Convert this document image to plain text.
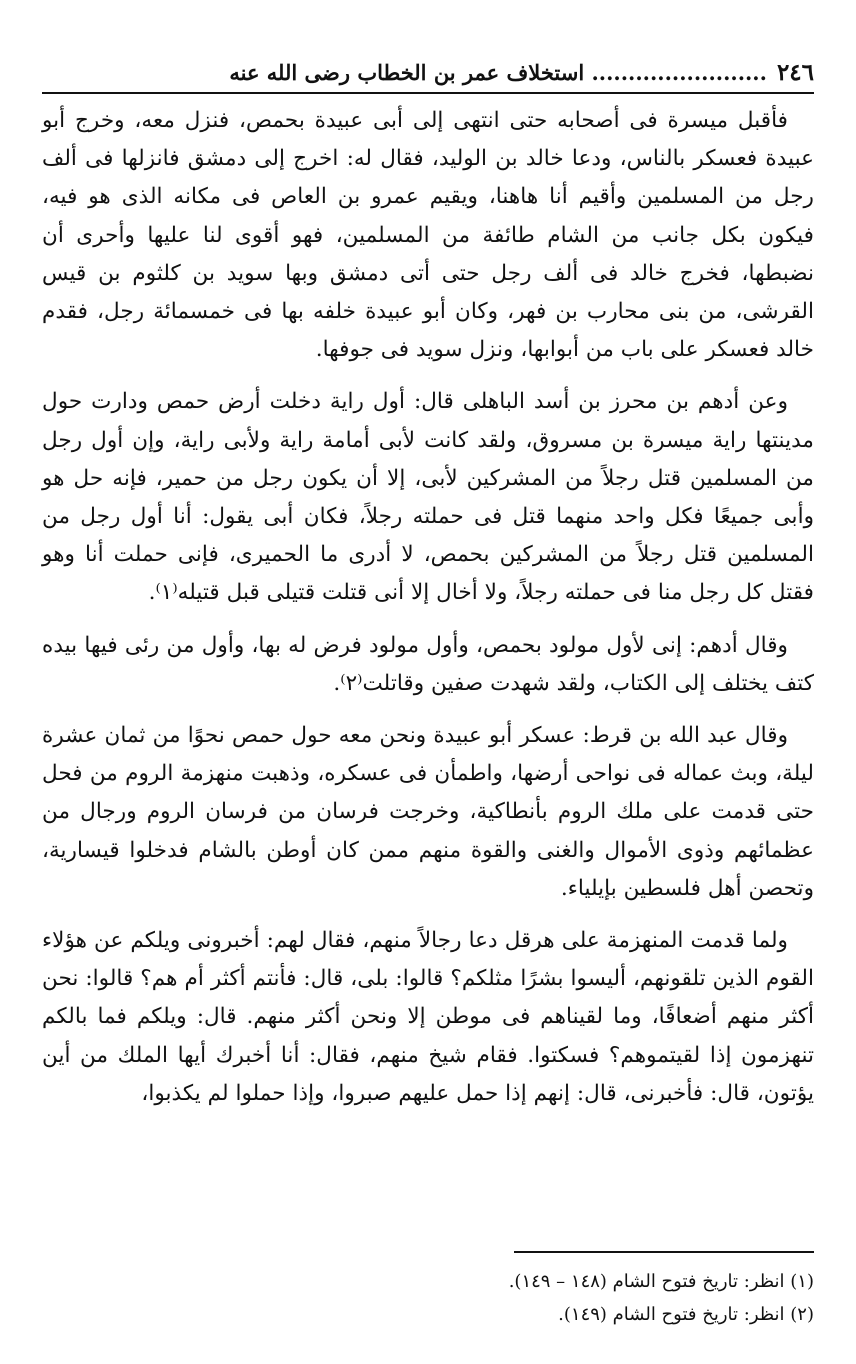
٢٤٦
........................ استخلاف عمر بن الخطاب رضى الله عنه

فأقبل ميسرة فى أصحابه حتى انتهى إلى أبى عبيدة بحمص، فنزل معه، وخرج أبو عبيدة فعسكر بالناس، ودعا خالد بن الوليد، فقال له: اخرج إلى دمشق فانزلها فى ألف رجل من المسلمين وأقيم أنا هاهنا، ويقيم عمرو بن العاص فى مكانه الذى هو فيه، فيكون بكل جانب من الشام طائفة من المسلمين، فهو أقوى لنا عليها وأحرى أن نضبطها، فخرج خالد فى ألف رجل حتى أتى دمشق وبها سويد بن كلثوم بن قيس القرشى، من بنى محارب بن فهر، وكان أبو عبيدة خلفه بها فى خمسمائة رجل، فقدم خالد فعسكر على باب من أبوابها، ونزل سويد فى جوفها.

وعن أدهم بن محرز بن أسد الباهلى قال: أول راية دخلت أرض حمص ودارت حول مدينتها راية ميسرة بن مسروق، ولقد كانت لأبى أمامة راية ولأبى راية، وإن أول رجل من المسلمين قتل رجلاً من المشركين لأبى، إلا أن يكون رجل من حمير، فإنه حل هو وأبى جميعًا فكل واحد منهما قتل فى حملته رجلاً، فكان أبى يقول: أنا أول رجل من المسلمين قتل رجلاً من المشركين بحمص، لا أدرى ما الحميرى، فإنى حملت أنا وهو فقتل كل رجل منا فى حملته رجلاً، ولا أخال إلا أنى قتلت قتيلى قبل قتيله⁽١⁾.

وقال أدهم: إنى لأول مولود بحمص، وأول مولود فرض له بها، وأول من رئى فيها بيده كتف يختلف إلى الكتاب، ولقد شهدت صفين وقاتلت⁽٢⁾.

وقال عبد الله بن قرط: عسكر أبو عبيدة ونحن معه حول حمص نحوًا من ثمان عشرة ليلة، وبث عماله فى نواحى أرضها، واطمأن فى عسكره، وذهبت منهزمة الروم من فحل حتى قدمت على ملك الروم بأنطاكية، وخرجت فرسان من فرسان الروم ورجال من عظمائهم وذوى الأموال والغنى والقوة منهم ممن كان أوطن بالشام فدخلوا قيسارية، وتحصن أهل فلسطين بإيلياء.

ولما قدمت المنهزمة على هرقل دعا رجالاً منهم، فقال لهم: أخبرونى ويلكم عن هؤلاء القوم الذين تلقونهم، أليسوا بشرًا مثلكم؟ قالوا: بلى، قال: فأنتم أكثر أم هم؟ قالوا: نحن أكثر منهم أضعافًا، وما لقيناهم فى موطن إلا ونحن أكثر منهم. قال: ويلكم فما بالكم تنهزمون إذا لقيتموهم؟ فسكتوا. فقام شيخ منهم، فقال: أنا أخبرك أيها الملك من أين يؤتون، قال: فأخبرنى، قال: إنهم إذا حمل عليهم صبروا، وإذا حملوا لم يكذبوا،

(١) انظر: تاريخ فتوح الشام (١٤٨ – ١٤٩).
(٢) انظر: تاريخ فتوح الشام (١٤٩).
